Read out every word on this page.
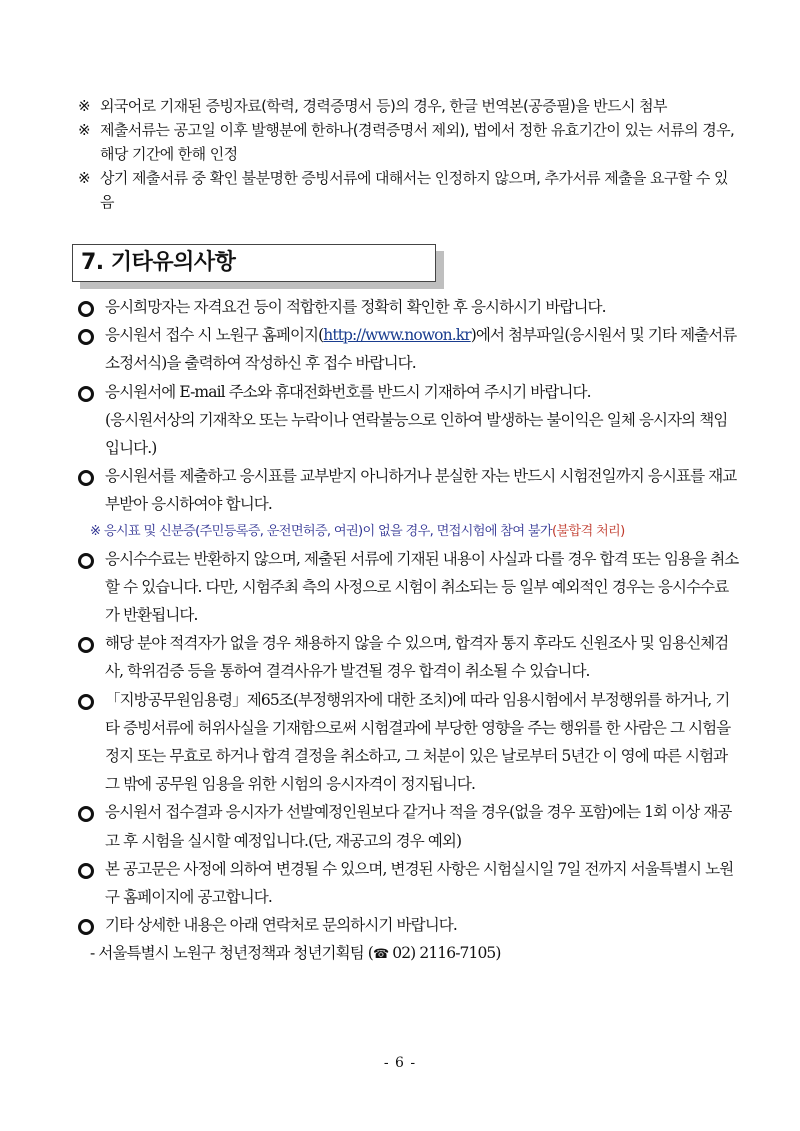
※ 외국어로 기재된 증빙자료(학력, 경력증명서 등)의 경우, 한글 번역본(공증필)을 반드시 첨부
※ 제출서류는 공고일 이후 발행분에 한하나(경력증명서 제외), 법에서 정한 유효기간이 있는 서류의 경우, 해당 기간에 한해 인정
※ 상기 제출서류 중 확인 불분명한 증빙서류에 대해서는 인정하지 않으며, 추가서류 제출을 요구할 수 있음
7. 기타유의사항
응시희망자는 자격요건 등이 적합한지를 정확히 확인한 후 응시하시기 바랍니다.
응시원서 접수 시 노원구 홈페이지(http://www.nowon.kr)에서 첨부파일(응시원서 및 기타 제출서류 소정서식)을 출력하여 작성하신 후 접수 바랍니다.
응시원서에 E-mail 주소와 휴대전화번호를 반드시 기재하여 주시기 바랍니다.
(응시원서상의 기재착오 또는 누락이나 연락불능으로 인하여 발생하는 불이익은 일체 응시자의 책임입니다.)
응시원서를 제출하고 응시표를 교부받지 아니하거나 분실한 자는 반드시 시험전일까지 응시표를 재교부받아 응시하여야 합니다.
※ 응시표 및 신분증(주민등록증, 운전면허증, 여권)이 없을 경우, 면접시험에 참여 불가(불합격 처리)
응시수수료는 반환하지 않으며, 제출된 서류에 기재된 내용이 사실과 다를 경우 합격 또는 임용을 취소할 수 있습니다. 다만, 시험주최 측의 사정으로 시험이 취소되는 등 일부 예외적인 경우는 응시수수료가 반환됩니다.
해당 분야 적격자가 없을 경우 채용하지 않을 수 있으며, 합격자 통지 후라도 신원조사 및 임용신체검사, 학위검증 등을 통하여 결격사유가 발견될 경우 합격이 취소될 수 있습니다.
「지방공무원임용령」제65조(부정행위자에 대한 조치)에 따라 임용시험에서 부정행위를 하거나, 기타 증빙서류에 허위사실을 기재함으로써 시험결과에 부당한 영향을 주는 행위를 한 사람은 그 시험을 정지 또는 무효로 하거나 합격 결정을 취소하고, 그 처분이 있은 날로부터 5년간 이 영에 따른 시험과 그 밖에 공무원 임용을 위한 시험의 응시자격이 정지됩니다.
응시원서 접수결과 응시자가 선발예정인원보다 같거나 적을 경우(없을 경우 포함)에는 1회 이상 재공고 후 시험을 실시할 예정입니다.(단, 재공고의 경우 예외)
본 공고문은 사정에 의하여 변경될 수 있으며, 변경된 사항은 시험실시일 7일 전까지 서울특별시 노원구 홈페이지에 공고합니다.
기타 상세한 내용은 아래 연락처로 문의하시기 바랍니다.
- 서울특별시 노원구 청년정책과 청년기획팀 (☎ 02) 2116-7105)
- 6 -
